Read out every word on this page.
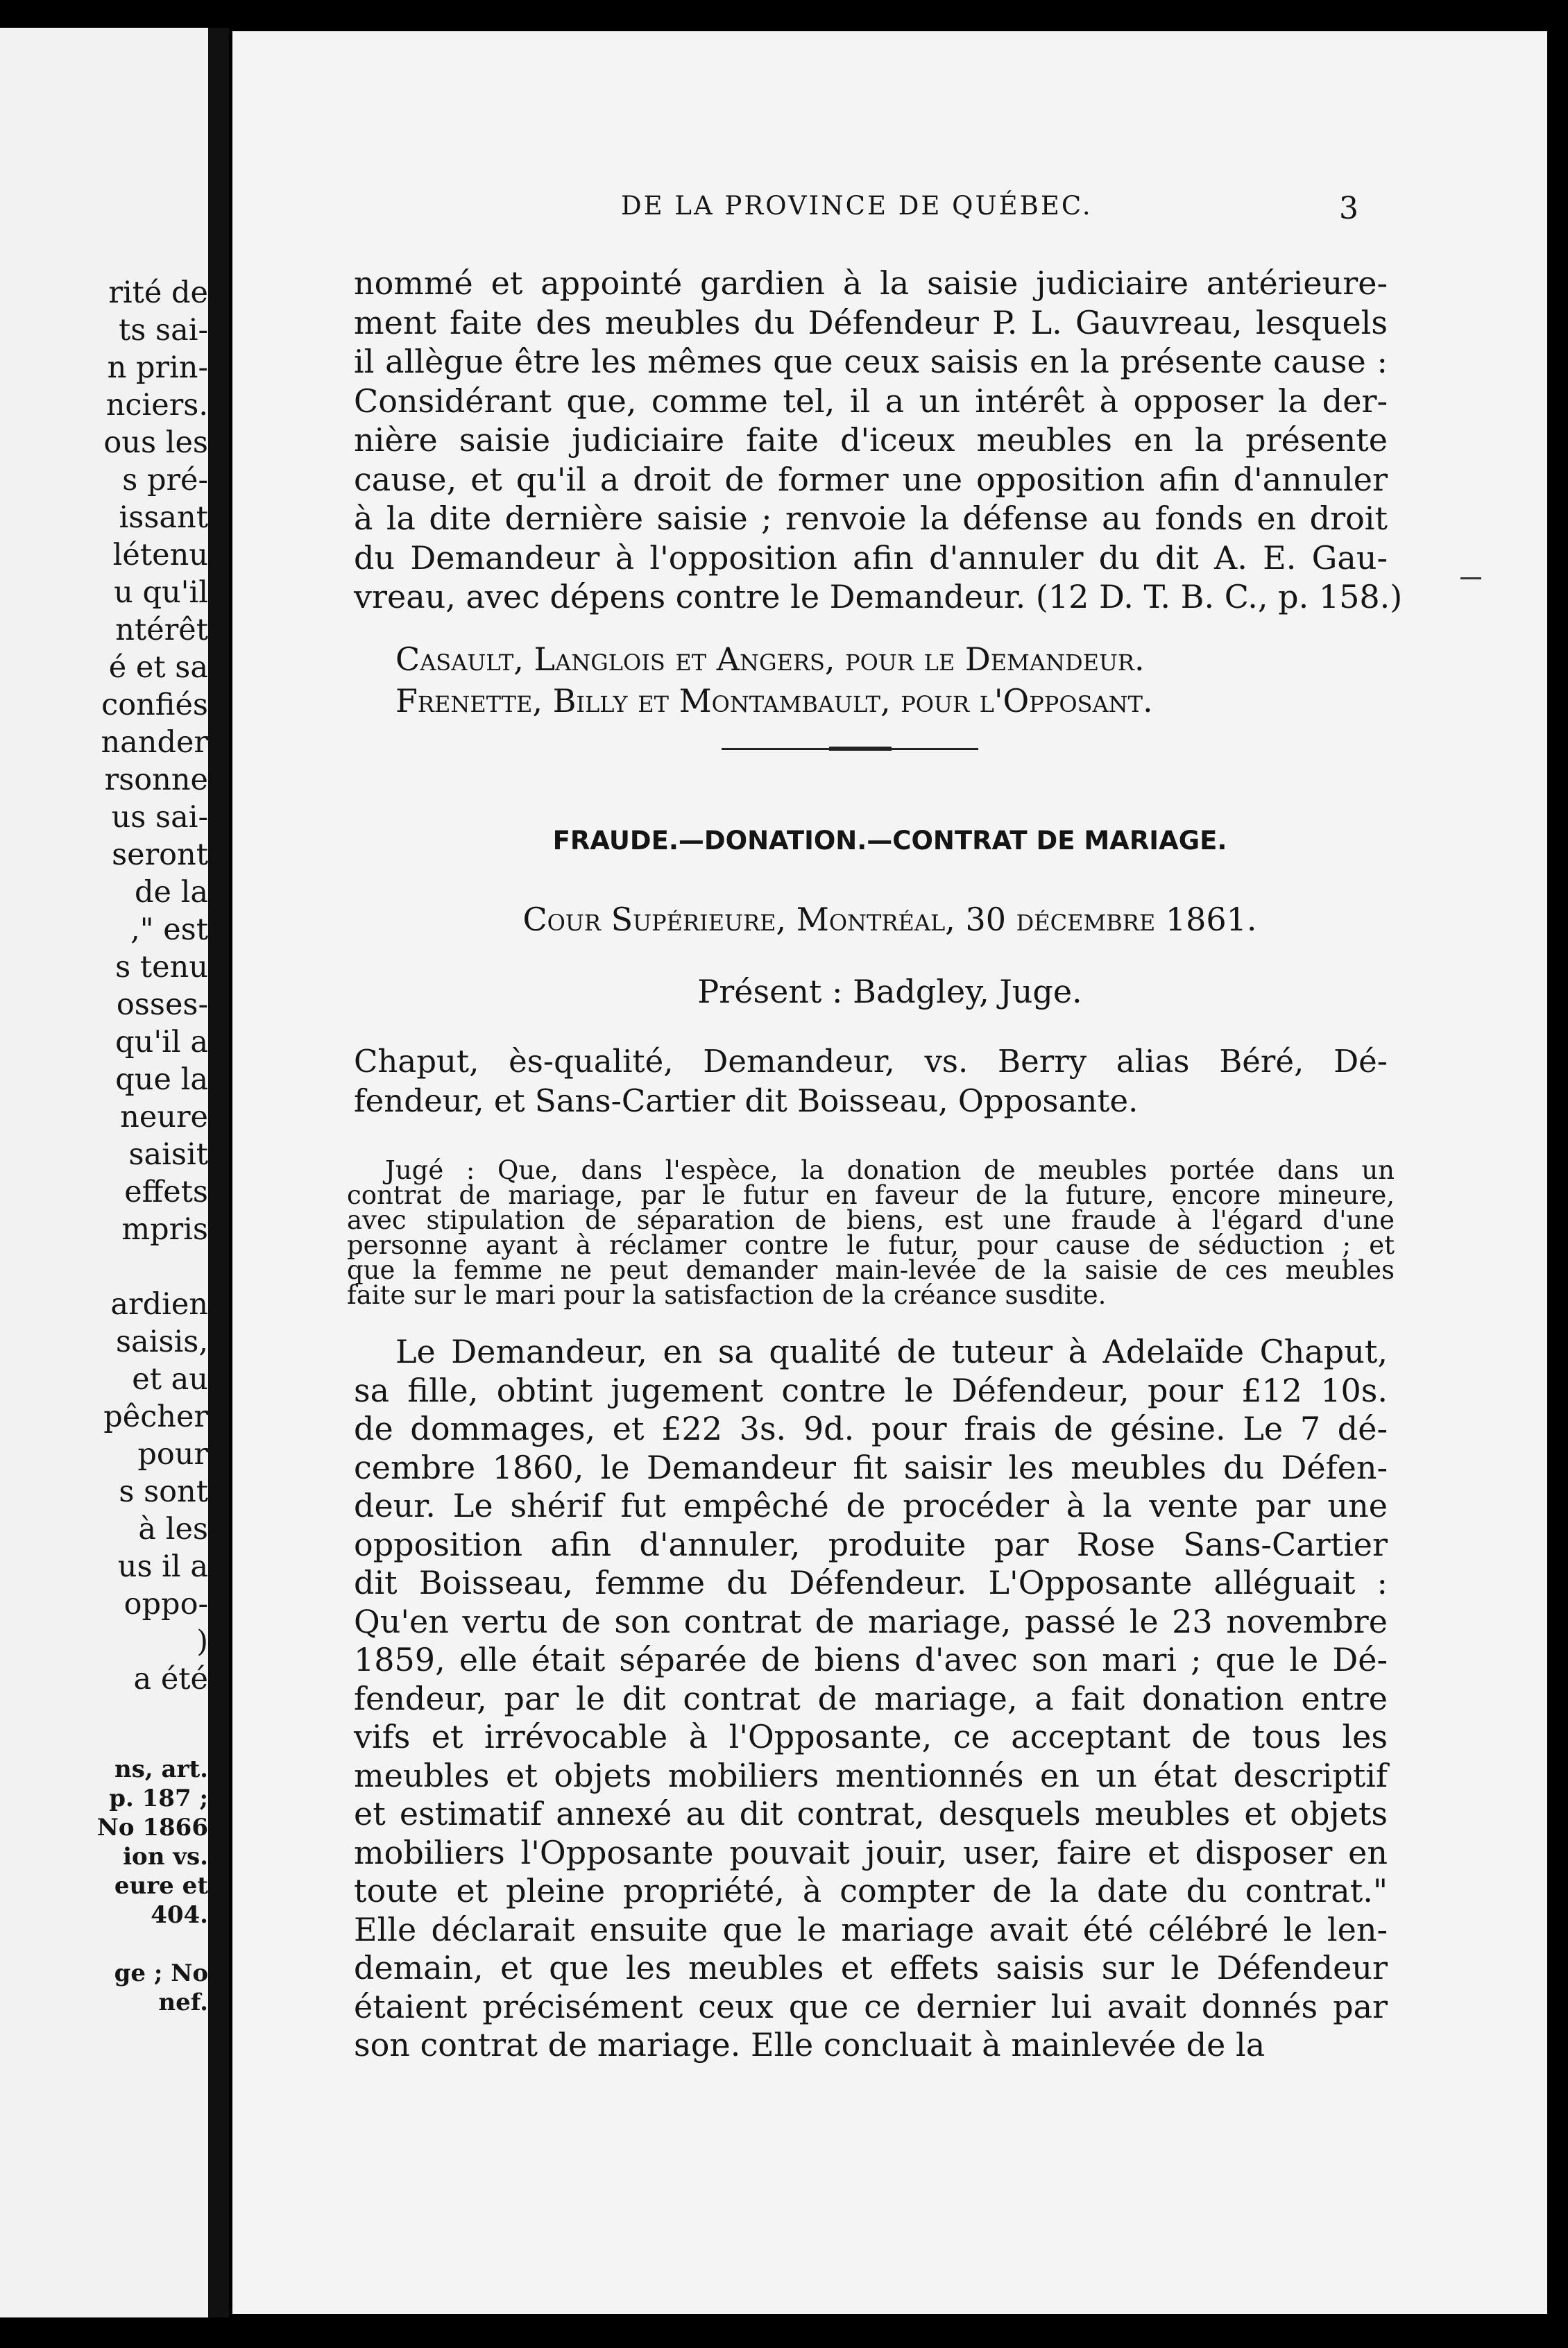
rité de
ts sai-
n prin-
nciers.
ous les
s pré-
issant
létenu
u qu'il
ntérêt
é et sa
confiés
nander
rsonne
us sai-
seront
de la
," est
s tenu
osses-
qu'il a
que la
neure
saisit
effets
mpris
ardien
saisis,
et au
pêcher
pour
s sont
à les
us il a
oppo-
)
a été
ns, art.
p. 187 ;
No 1866
ion vs.
eure et
404.
ge ; No
nef.
DE LA PROVINCE DE QUÉBEC.	3
nommé et appointé gardien à la saisie judiciaire antérieure-
ment faite des meubles du Défendeur P. L. Gauvreau, lesquels
il allègue être les mêmes que ceux saisis en la présente cause :
Considérant que, comme tel, il a un intérêt à opposer la der-
nière saisie judiciaire faite d'iceux meubles en la présente
cause, et qu'il a droit de former une opposition afin d'annuler
à la dite dernière saisie ; renvoie la défense au fonds en droit
du Demandeur à l'opposition afin d'annuler du dit A. E. Gau-
vreau, avec dépens contre le Demandeur. (12 D. T. B. C., p. 158.)
Casault, Langlois et Angers, pour le Demandeur.
Frenette, Billy et Montambault, pour l'Opposant.
FRAUDE.—DONATION.—CONTRAT DE MARIAGE.
Cour Supérieure, Montréal, 30 décembre 1861.
Présent : Badgley, Juge.
Chaput, ès-qualité, Demandeur, vs. Berry alias Béré, Dé-
fendeur, et Sans-Cartier dit Boisseau, Opposante.
Jugé : Que, dans l'espèce, la donation de meubles portée dans un
contrat de mariage, par le futur en faveur de la future, encore mineure,
avec stipulation de séparation de biens, est une fraude à l'égard d'une
personne ayant à réclamer contre le futur, pour cause de séduction ; et
que la femme ne peut demander main-levée de la saisie de ces meubles
faite sur le mari pour la satisfaction de la créance susdite.
Le Demandeur, en sa qualité de tuteur à Adelaïde Chaput,
sa fille, obtint jugement contre le Défendeur, pour £12 10s.
de dommages, et £22 3s. 9d. pour frais de gésine. Le 7 dé-
cembre 1860, le Demandeur fit saisir les meubles du Défen-
deur. Le shérif fut empêché de procéder à la vente par une
opposition afin d'annuler, produite par Rose Sans-Cartier
dit Boisseau, femme du Défendeur. L'Opposante alléguait :
Qu'en vertu de son contrat de mariage, passé le 23 novembre
1859, elle était séparée de biens d'avec son mari ; que le Dé-
fendeur, par le dit contrat de mariage, a fait donation entre
vifs et irrévocable à l'Opposante, ce acceptant de tous les
meubles et objets mobiliers mentionnés en un état descriptif
et estimatif annexé au dit contrat, desquels meubles et objets
mobiliers l'Opposante pouvait jouir, user, faire et disposer en
toute et pleine propriété, à compter de la date du contrat."
Elle déclarait ensuite que le mariage avait été célébré le len-
demain, et que les meubles et effets saisis sur le Défendeur
étaient précisément ceux que ce dernier lui avait donnés par
son contrat de mariage. Elle concluait à mainlevée de la
